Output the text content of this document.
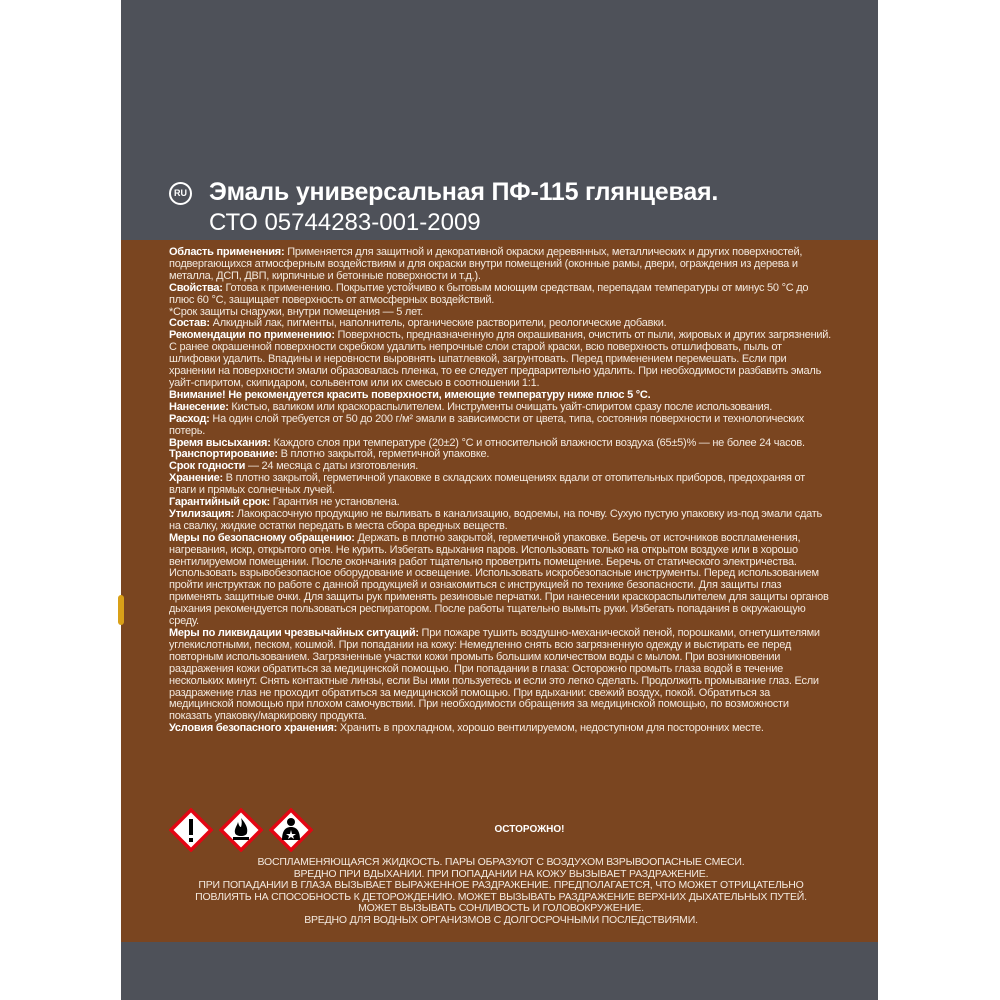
RU Эмаль универсальная ПФ-115 глянцевая.
СТО 05744283-001-2009

Область применения: Применяется для защитной и декоративной окраски деревянных, металлических и других поверхностей, подвергающихся атмосферным воздействиям и для окраски внутри помещений (оконные рамы, двери, ограждения из дерева и металла, ДСП, ДВП, кирпичные и бетонные поверхности и т.д.).

Свойства: Готова к применению. Покрытие устойчиво к бытовым моющим средствам, перепадам температуры от минус 50 °С до плюс 60 °С, защищает поверхность от атмосферных воздействий.

*Срок защиты снаружи, внутри помещения — 5 лет.

Состав: Алкидный лак, пигменты, наполнитель, органические растворители, реологические добавки.

Рекомендации по применению: Поверхность, предназначенную для окрашивания, очистить от пыли, жировых и других загрязнений. С ранее окрашенной поверхности скребком удалить непрочные слои старой краски, всю поверхность отшлифовать, пыль от шлифовки удалить. Впадины и неровности выровнять шпатлевкой, загрунтовать. Перед применением перемешать. Если при хранении на поверхности эмали образовалась пленка, то ее следует предварительно удалить. При необходимости разбавить эмаль уайт-спиритом, скипидаром, сольвентом или их смесью в соотношении 1:1.

Внимание! Не рекомендуется красить поверхности, имеющие температуру ниже плюс 5 °С.

Нанесение: Кистью, валиком или краскораспылителем. Инструменты очищать уайт-спиритом сразу после использования.

Расход: На один слой требуется от 50 до 200 г/м² эмали в зависимости от цвета, типа, состояния поверхности и технологических потерь.

Время высыхания: Каждого слоя при температуре (20±2) °С и относительной влажности воздуха (65±5)% — не более 24 часов.

Транспортирование: В плотно закрытой, герметичной упаковке.

Срок годности — 24 месяца с даты изготовления.

Хранение: В плотно закрытой, герметичной упаковке в складских помещениях вдали от отопительных приборов, предохраняя от влаги и прямых солнечных лучей.

Гарантийный срок: Гарантия не установлена.

Утилизация: Лакокрасочную продукцию не выливать в канализацию, водоемы, на почву. Сухую пустую упаковку из-под эмали сдать на свалку, жидкие остатки передать в места сбора вредных веществ.

Меры по безопасному обращению: Держать в плотно закрытой, герметичной упаковке. Беречь от источников воспламенения, нагревания, искр, открытого огня. Не курить. Избегать вдыхания паров. Использовать только на открытом воздухе или в хорошо вентилируемом помещении. После окончания работ тщательно проветрить помещение. Беречь от статического электричества. Использовать взрывобезопасное оборудование и освещение. Использовать искробезопасные инструменты. Перед использованием пройти инструктаж по работе с данной продукцией и ознакомиться с инструкцией по технике безопасности. Для защиты глаз применять защитные очки. Для защиты рук применять резиновые перчатки. При нанесении краскораспылителем для защиты органов дыхания рекомендуется пользоваться респиратором. После работы тщательно вымыть руки. Избегать попадания в окружающую среду.

Меры по ликвидации чрезвычайных ситуаций: При пожаре тушить воздушно-механической пеной, порошками, огнетушителями углекислотными, песком, кошмой. При попадании на кожу: Немедленно снять всю загрязненную одежду и выстирать ее перед повторным использованием. Загрязненные участки кожи промыть большим количеством воды с мылом. При возникновении раздражения кожи обратиться за медицинской помощью. При попадании в глаза: Осторожно промыть глаза водой в течение нескольких минут. Снять контактные линзы, если Вы ими пользуетесь и если это легко сделать. Продолжить промывание глаз. Если раздражение глаз не проходит обратиться за медицинской помощью. При вдыхании: свежий воздух, покой. Обратиться за медицинской помощью при плохом самочувствии. При необходимости обращения за медицинской помощью, по возможности показать упаковку/маркировку продукта.

Условия безопасного хранения: Хранить в прохладном, хорошо вентилируемом, недоступном для посторонних месте.

ОСТОРОЖНО!
ВОСПЛАМЕНЯЮЩАЯСЯ ЖИДКОСТЬ. ПАРЫ ОБРАЗУЮТ С ВОЗДУХОМ ВЗРЫВООПАСНЫЕ СМЕСИ.
ВРЕДНО ПРИ ВДЫХАНИИ. ПРИ ПОПАДАНИИ НА КОЖУ ВЫЗЫВАЕТ РАЗДРАЖЕНИЕ.
ПРИ ПОПАДАНИИ В ГЛАЗА ВЫЗЫВАЕТ ВЫРАЖЕННОЕ РАЗДРАЖЕНИЕ. ПРЕДПОЛАГАЕТСЯ, ЧТО МОЖЕТ ОТРИЦАТЕЛЬНО
ПОВЛИЯТЬ НА СПОСОБНОСТЬ К ДЕТОРОЖДЕНИЮ. МОЖЕТ ВЫЗЫВАТЬ РАЗДРАЖЕНИЕ ВЕРХНИХ ДЫХАТЕЛЬНЫХ ПУТЕЙ.
МОЖЕТ ВЫЗЫВАТЬ СОНЛИВОСТЬ И ГОЛОВОКРУЖЕНИЕ.
ВРЕДНО ДЛЯ ВОДНЫХ ОРГАНИЗМОВ С ДОЛГОСРОЧНЫМИ ПОСЛЕДСТВИЯМИ.
